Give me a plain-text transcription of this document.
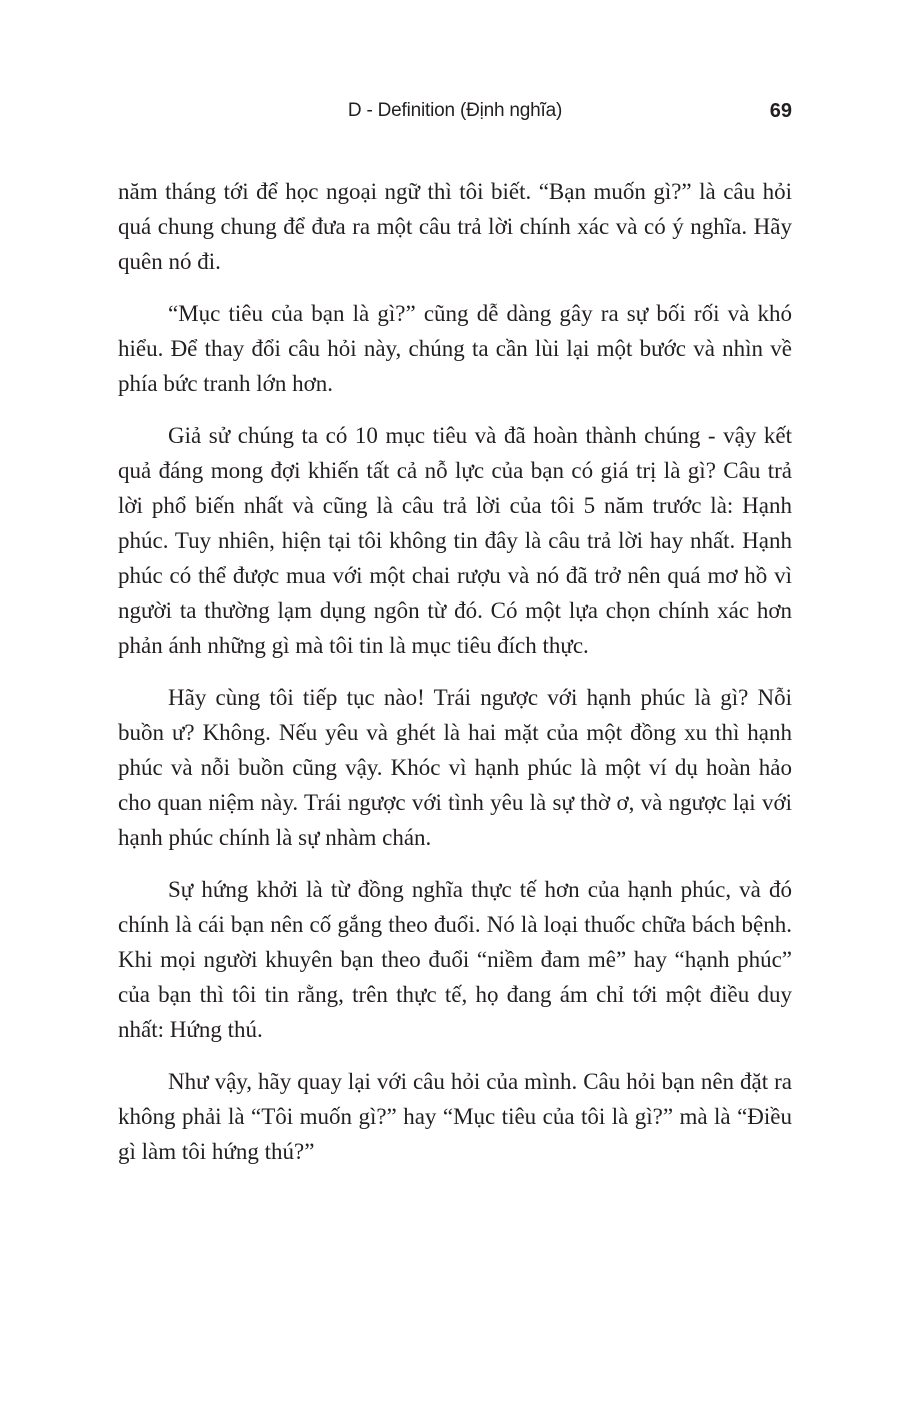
D - Definition (Định nghĩa)	69

năm tháng tới để học ngoại ngữ thì tôi biết. “Bạn muốn gì?” là câu hỏi quá chung chung để đưa ra một câu trả lời chính xác và có ý nghĩa. Hãy quên nó đi.

“Mục tiêu của bạn là gì?” cũng dễ dàng gây ra sự bối rối và khó hiểu. Để thay đổi câu hỏi này, chúng ta cần lùi lại một bước và nhìn về phía bức tranh lớn hơn.

Giả sử chúng ta có 10 mục tiêu và đã hoàn thành chúng - vậy kết quả đáng mong đợi khiến tất cả nỗ lực của bạn có giá trị là gì? Câu trả lời phổ biến nhất và cũng là câu trả lời của tôi 5 năm trước là: Hạnh phúc. Tuy nhiên, hiện tại tôi không tin đây là câu trả lời hay nhất. Hạnh phúc có thể được mua với một chai rượu và nó đã trở nên quá mơ hồ vì người ta thường lạm dụng ngôn từ đó. Có một lựa chọn chính xác hơn phản ánh những gì mà tôi tin là mục tiêu đích thực.

Hãy cùng tôi tiếp tục nào! Trái ngược với hạnh phúc là gì? Nỗi buồn ư? Không. Nếu yêu và ghét là hai mặt của một đồng xu thì hạnh phúc và nỗi buồn cũng vậy. Khóc vì hạnh phúc là một ví dụ hoàn hảo cho quan niệm này. Trái ngược với tình yêu là sự thờ ơ, và ngược lại với hạnh phúc chính là sự nhàm chán.

Sự hứng khởi là từ đồng nghĩa thực tế hơn của hạnh phúc, và đó chính là cái bạn nên cố gắng theo đuổi. Nó là loại thuốc chữa bách bệnh. Khi mọi người khuyên bạn theo đuổi “niềm đam mê” hay “hạnh phúc” của bạn thì tôi tin rằng, trên thực tế, họ đang ám chỉ tới một điều duy nhất: Hứng thú.

Như vậy, hãy quay lại với câu hỏi của mình. Câu hỏi bạn nên đặt ra không phải là “Tôi muốn gì?” hay “Mục tiêu của tôi là gì?” mà là “Điều gì làm tôi hứng thú?”
